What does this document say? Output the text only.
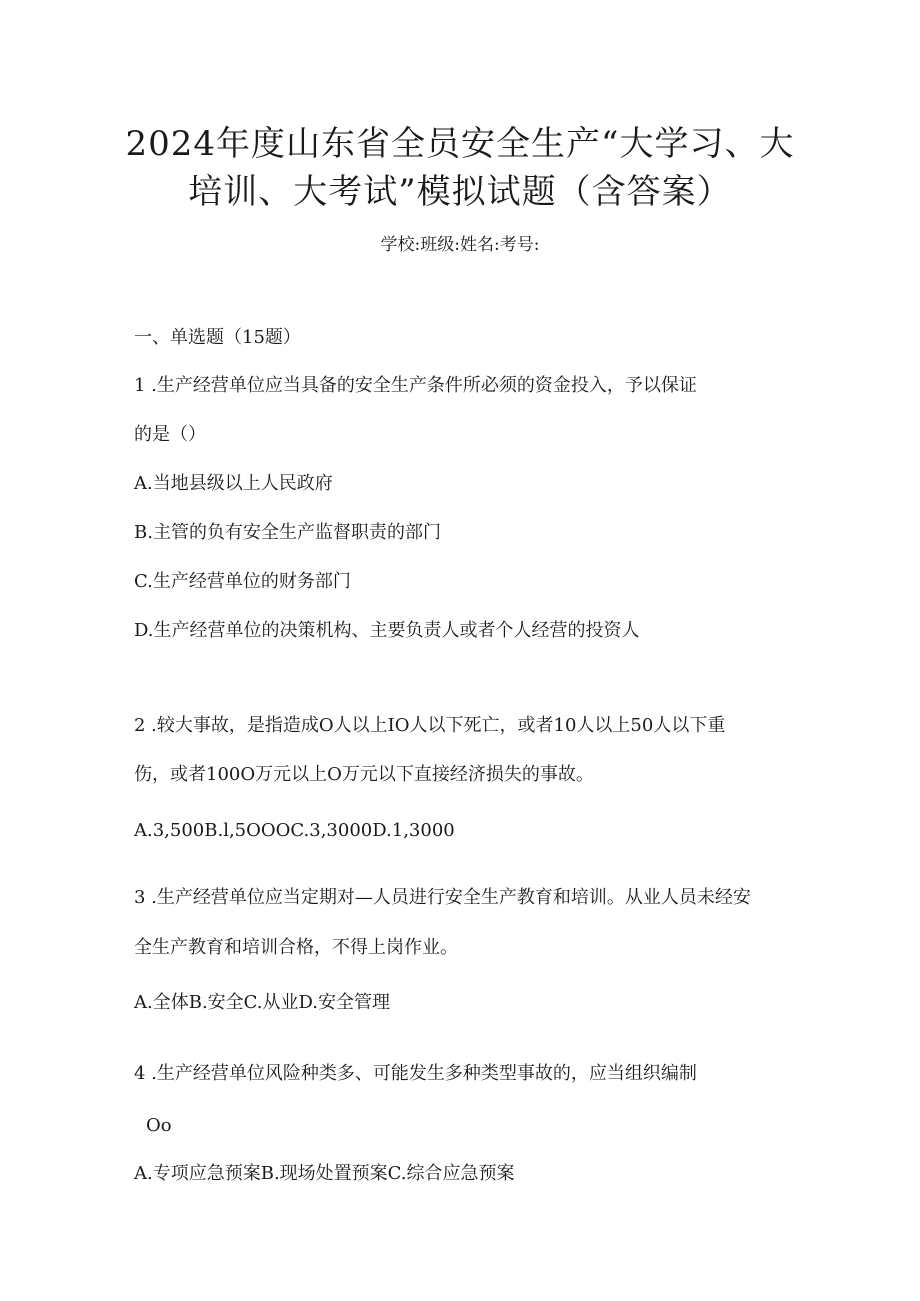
2024年度山东省全员安全生产“大学习、大
培训、大考试”模拟试题（含答案）
学校:班级:姓名:考号:
一、单选题（15题）
1 .生产经营单位应当具备的安全生产条件所必须的资金投入，予以保证
的是（）
A.当地县级以上人民政府
B.主管的负有安全生产监督职责的部门
C.生产经营单位的财务部门
D.生产经营单位的决策机构、主要负责人或者个人经营的投资人
2 .较大事故，是指造成O人以上IO人以下死亡，或者10人以上50人以下重
伤，或者100O万元以上O万元以下直接经济损失的事故。
A.3,500B.l,5OOOC.3,3000D.1,3000
3 .生产经营单位应当定期对—人员进行安全生产教育和培训。从业人员未经安
全生产教育和培训合格，不得上岗作业。
A.全体B.安全C.从业D.安全管理
4 .生产经营单位风险种类多、可能发生多种类型事故的，应当组织编制
Oo
A.专项应急预案B.现场处置预案C.综合应急预案
